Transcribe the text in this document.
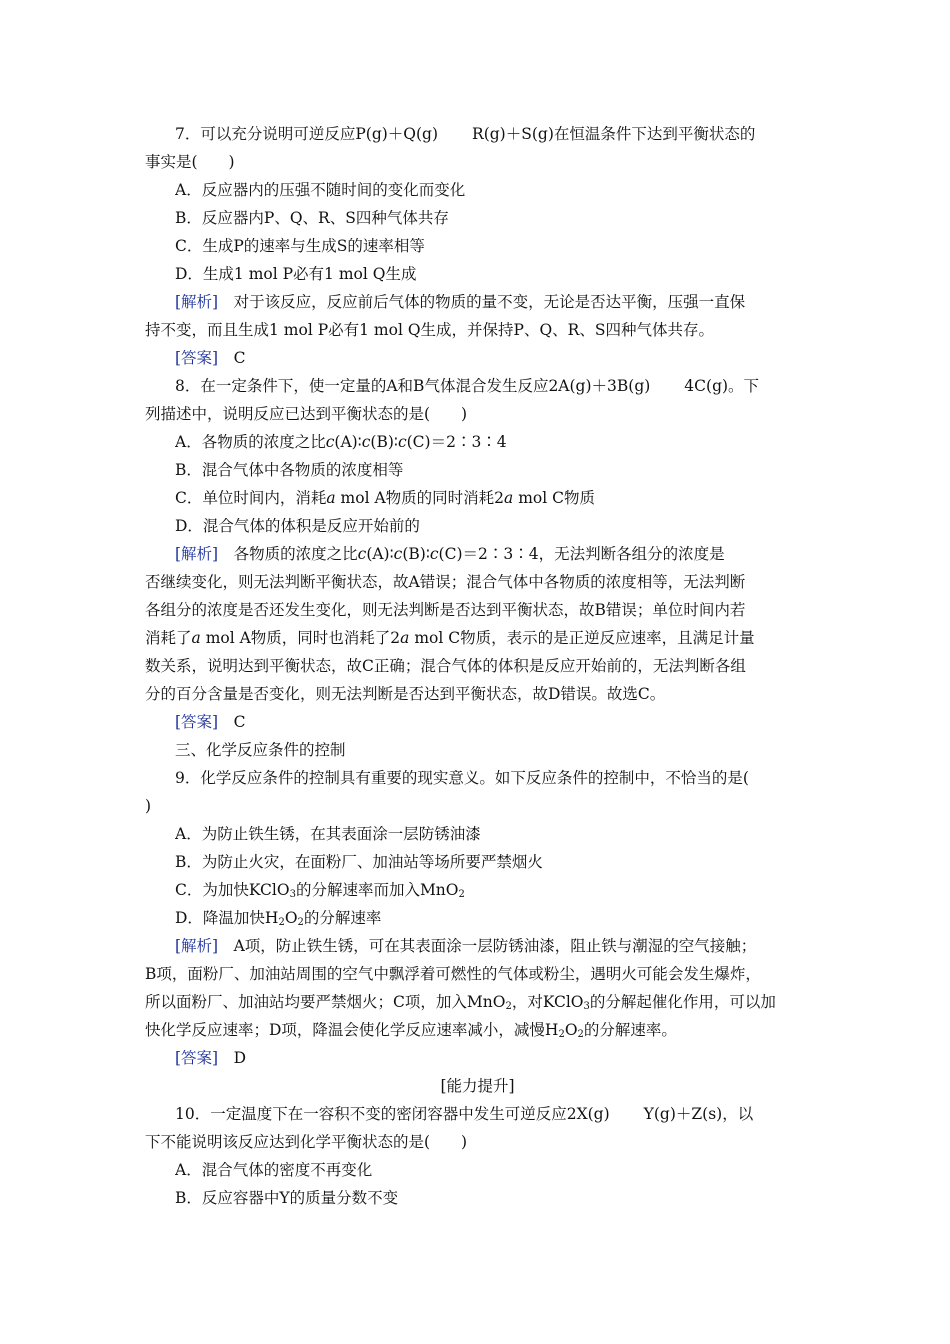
7．可以充分说明可逆反应P(g)＋Q(g) R(g)＋S(g)在恒温条件下达到平衡状态的
事实是(　　)
A．反应器内的压强不随时间的变化而变化
B．反应器内P、Q、R、S四种气体共存
C．生成P的速率与生成S的速率相等
D．生成1 mol P必有1 mol Q生成
[解析]　对于该反应，反应前后气体的物质的量不变，无论是否达平衡，压强一直保
持不变，而且生成1 mol P必有1 mol Q生成，并保持P、Q、R、S四种气体共存。
[答案]　C
8．在一定条件下，使一定量的A和B气体混合发生反应2A(g)＋3B(g) 4C(g)。下
列描述中，说明反应已达到平衡状态的是(　　)
A．各物质的浓度之比c(A)∶c(B)∶c(C)＝2∶3∶4
B．混合气体中各物质的浓度相等
C．单位时间内，消耗a mol A物质的同时消耗2a mol C物质
D．混合气体的体积是反应开始前的
[解析]　各物质的浓度之比c(A)∶c(B)∶c(C)＝2∶3∶4，无法判断各组分的浓度是
否继续变化，则无法判断平衡状态，故A错误；混合气体中各物质的浓度相等，无法判断
各组分的浓度是否还发生变化，则无法判断是否达到平衡状态，故B错误；单位时间内若
消耗了a mol A物质，同时也消耗了2a mol C物质，表示的是正逆反应速率，且满足计量
数关系，说明达到平衡状态，故C正确；混合气体的体积是反应开始前的，无法判断各组
分的百分含量是否变化，则无法判断是否达到平衡状态，故D错误。故选C。
[答案]　C
三、化学反应条件的控制
9．化学反应条件的控制具有重要的现实意义。如下反应条件的控制中，不恰当的是(
)
A．为防止铁生锈，在其表面涂一层防锈油漆
B．为防止火灾，在面粉厂、加油站等场所要严禁烟火
C．为加快KClO$_3$的分解速率而加入MnO$_2$
D．降温加快$H_2O_2$的分解速率
[解析]　A项，防止铁生锈，可在其表面涂一层防锈油漆，阻止铁与潮湿的空气接触；
B项，面粉厂、加油站周围的空气中飘浮着可燃性的气体或粉尘，遇明火可能会发生爆炸，
所以面粉厂、加油站均要严禁烟火；C项，加入MnO$_2$，对KClO$_3$的分解起催化作用，可以加
快化学反应速率；D项，降温会使化学反应速率减小，减慢$H_2O_2$的分解速率。
[答案]　D
[能力提升]
10．一定温度下在一容积不变的密闭容器中发生可逆反应2X(g) Y(g)＋Z(s)，以
下不能说明该反应达到化学平衡状态的是(　　)
A．混合气体的密度不再变化
B．反应容器中Y的质量分数不变
